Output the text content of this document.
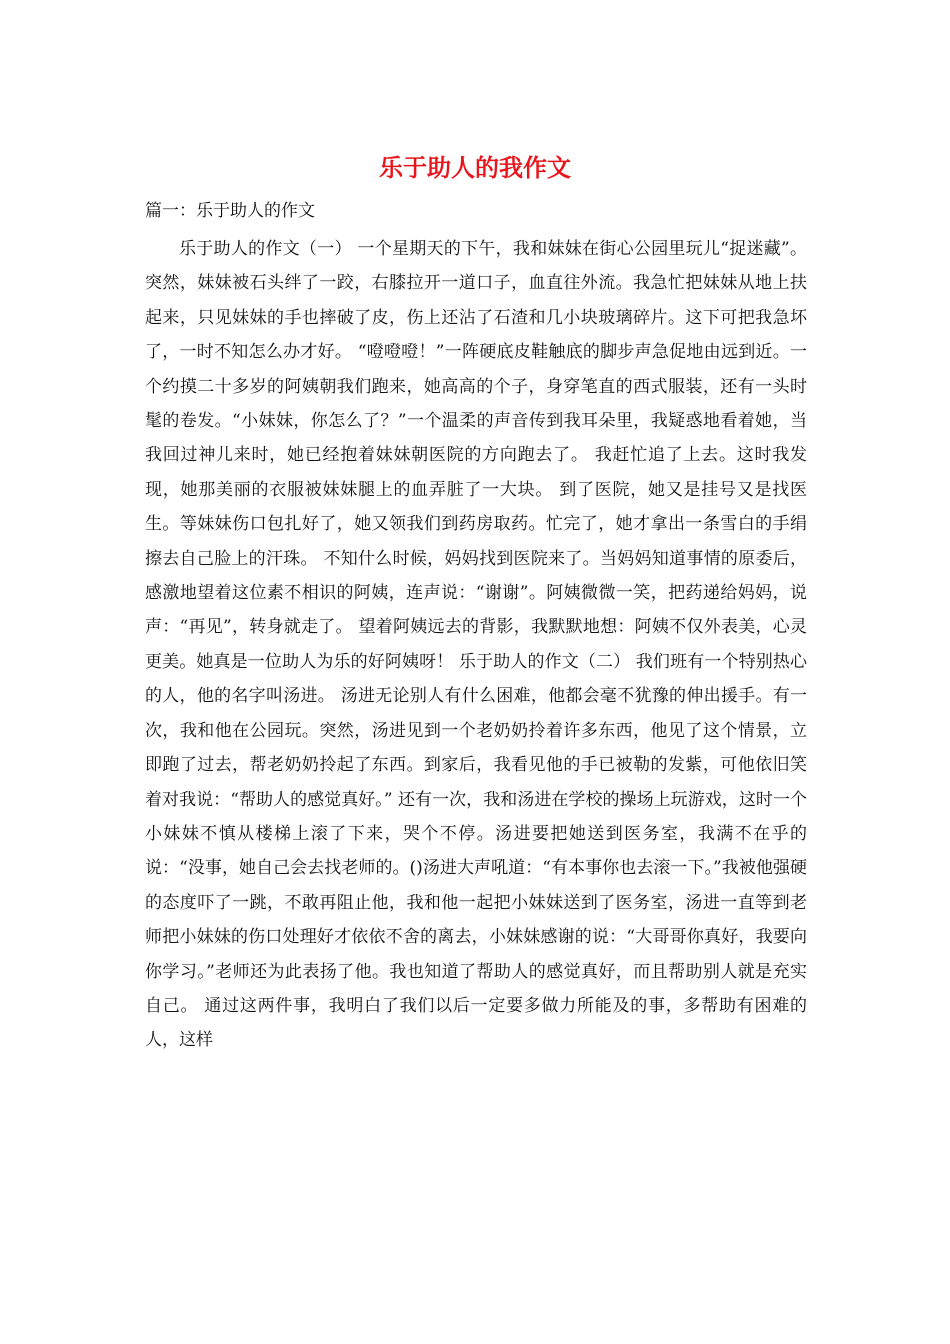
乐于助人的我作文

篇一：乐于助人的作文

乐于助人的作文（一） 一个星期天的下午，我和妹妹在街心公园里玩儿“捉迷藏”。 突然，妹妹被石头绊了一跤，右膝拉开一道口子，血直往外流。我急忙把妹妹从地上扶起来，只见妹妹的手也摔破了皮，伤上还沾了石渣和几小块玻璃碎片。这下可把我急坏了，一时不知怎么办才好。 “噔噔噔！”一阵硬底皮鞋触底的脚步声急促地由远到近。一个约摸二十多岁的阿姨朝我们跑来，她高高的个子，身穿笔直的西式服装，还有一头时髦的卷发。“小妹妹，你怎么了？”一个温柔的声音传到我耳朵里，我疑惑地看着她，当我回过神儿来时，她已经抱着妹妹朝医院的方向跑去了。 我赶忙追了上去。这时我发现，她那美丽的衣服被妹妹腿上的血弄脏了一大块。 到了医院，她又是挂号又是找医生。等妹妹伤口包扎好了，她又领我们到药房取药。忙完了，她才拿出一条雪白的手绢擦去自己脸上的汗珠。 不知什么时候，妈妈找到医院来了。当妈妈知道事情的原委后，感激地望着这位素不相识的阿姨，连声说：“谢谢”。阿姨微微一笑，把药递给妈妈，说声：“再见”，转身就走了。 望着阿姨远去的背影，我默默地想：阿姨不仅外表美，心灵更美。她真是一位助人为乐的好阿姨呀！ 乐于助人的作文（二） 我们班有一个特别热心的人，他的名字叫汤进。 汤进无论别人有什么困难，他都会毫不犹豫的伸出援手。有一次，我和他在公园玩。突然，汤进见到一个老奶奶拎着许多东西，他见了这个情景，立即跑了过去，帮老奶奶拎起了东西。到家后，我看见他的手已被勒的发紫，可他依旧笑着对我说：“帮助人的感觉真好。” 还有一次，我和汤进在学校的操场上玩游戏，这时一个小妹妹不慎从楼梯上滚了下来，哭个不停。汤进要把她送到医务室，我满不在乎的说：“没事，她自己会去找老师的。()汤进大声吼道：“有本事你也去滚一下。”我被他强硬的态度吓了一跳，不敢再阻止他，我和他一起把小妹妹送到了医务室，汤进一直等到老师把小妹妹的伤口处理好才依依不舍的离去，小妹妹感谢的说：“大哥哥你真好，我要向你学习。”老师还为此表扬了他。我也知道了帮助人的感觉真好，而且帮助别人就是充实自己。 通过这两件事，我明白了我们以后一定要多做力所能及的事，多帮助有困难的人，这样
